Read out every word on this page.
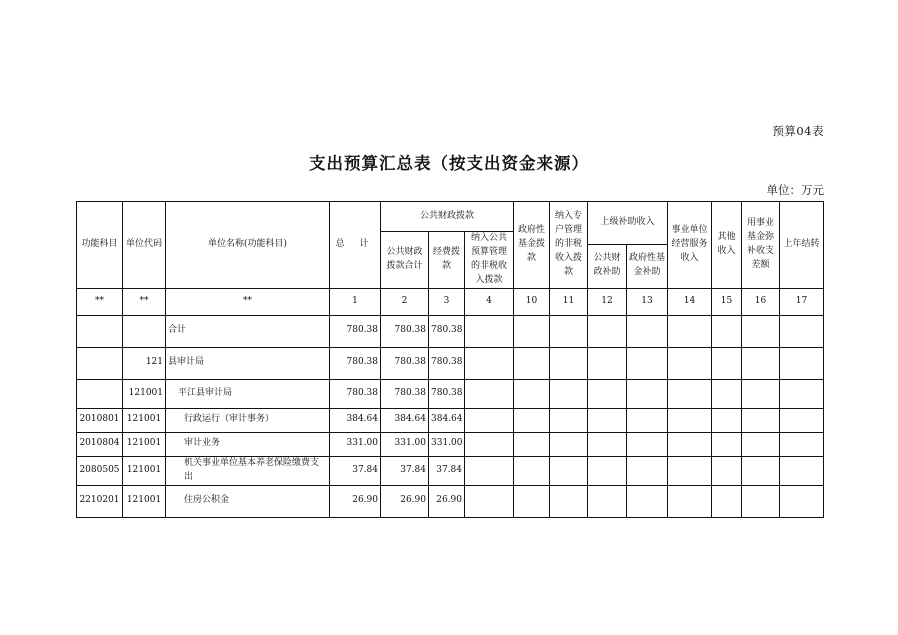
预算04表
支出预算汇总表（按支出资金来源）
单位：万元
功能科目	单位代码	单位名称(功能科目)	总 计	公共财政拨款			政府性基金拨款	纳入专户管理的非税收入拨款	上级补助收入		事业单位经营服务收入	其他收入	用事业基金弥补收支差额	上年结转
				公共财政拨款合计	经费拨款	纳入公共预算管理的非税收入拨款								
									公共财政补助	政府性基金补助				
**	**	**	1	2	3	4	10	11	12	13	14	15	16	17
		合计	780.38	780.38	780.38									
	121	县审计局	780.38	780.38	780.38									
	121001	平江县审计局	780.38	780.38	780.38									
2010801	121001	行政运行（审计事务）	384.64	384.64	384.64									
2010804	121001	审计业务	331.00	331.00	331.00									
2080505	121001	机关事业单位基本养老保险缴费支出	37.84	37.84	37.84									
2210201	121001	住房公积金	26.90	26.90	26.90									
